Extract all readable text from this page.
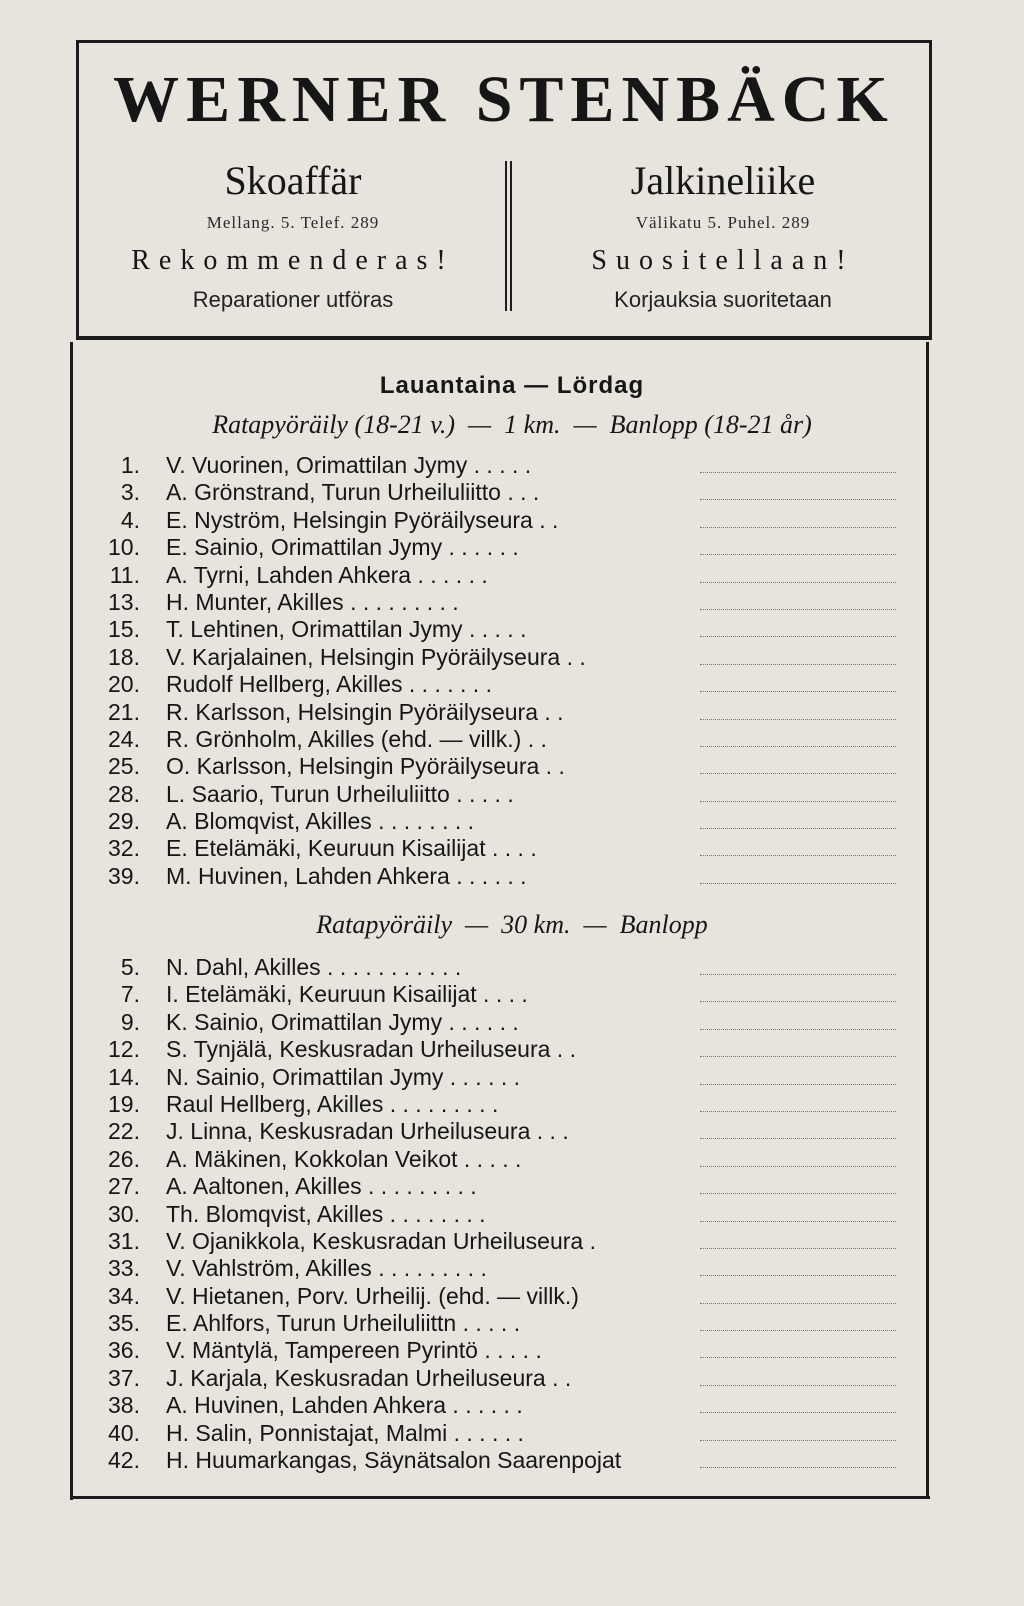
WERNER STENBÄCK
Skoaffär
Mellang. 5. Telef. 289
Rekommenderas!
Reparationer utföras
Jalkineliike
Välikatu 5. Puhel. 289
Suositellaan!
Korjauksia suoritetaan
Lauantaina — Lördag
Ratapyöräily (18-21 v.)  —  1 km.  —  Banlopp (18-21 år)
1. V. Vuorinen, Orimattilan Jymy . . . . .
3. A. Grönstrand, Turun Urheiluliitto . . .
4. E. Nyström, Helsingin Pyöräilyseura . .
10. E. Sainio, Orimattilan Jymy . . . . . .
11. A. Tyrni, Lahden Ahkera . . . . . .
13. H. Munter, Akilles . . . . . . . . .
15. T. Lehtinen, Orimattilan Jymy . . . . .
18. V. Karjalainen, Helsingin Pyöräilyseura . .
20. Rudolf Hellberg, Akilles . . . . . . .
21. R. Karlsson, Helsingin Pyöräilyseura . .
24. R. Grönholm, Akilles (ehd. — villk.) . .
25. O. Karlsson, Helsingin Pyöräilyseura . .
28. L. Saario, Turun Urheiluliitto . . . . .
29. A. Blomqvist, Akilles . . . . . . . .
32. E. Etelämäki, Keuruun Kisailijat . . . .
39. M. Huvinen, Lahden Ahkera . . . . . .
Ratapyöräily  —  30 km.  —  Banlopp
5. N. Dahl, Akilles . . . . . . . . . . .
7. I. Etelämäki, Keuruun Kisailijat . . . .
9. K. Sainio, Orimattilan Jymy . . . . . .
12. S. Tynjälä, Keskusradan Urheiluseura . .
14. N. Sainio, Orimattilan Jymy . . . . . .
19. Raul Hellberg, Akilles . . . . . . . . .
22. J. Linna, Keskusradan Urheiluseura . . .
26. A. Mäkinen, Kokkolan Veikot . . . . .
27. A. Aaltonen, Akilles . . . . . . . . .
30. Th. Blomqvist, Akilles . . . . . . . .
31. V. Ojanikkola, Keskusradan Urheiluseura .
33. V. Vahlström, Akilles . . . . . . . . .
34. V. Hietanen, Porv. Urheilij. (ehd. — villk.)
35. E. Ahlfors, Turun Urheiluliittn . . . . .
36. V. Mäntylä, Tampereen Pyrintö . . . . .
37. J. Karjala, Keskusradan Urheiluseura . .
38. A. Huvinen, Lahden Ahkera . . . . . .
40. H. Salin, Ponnistajat, Malmi . . . . . .
42. H. Huumarkangas, Säynätsalon Saarenpojat
